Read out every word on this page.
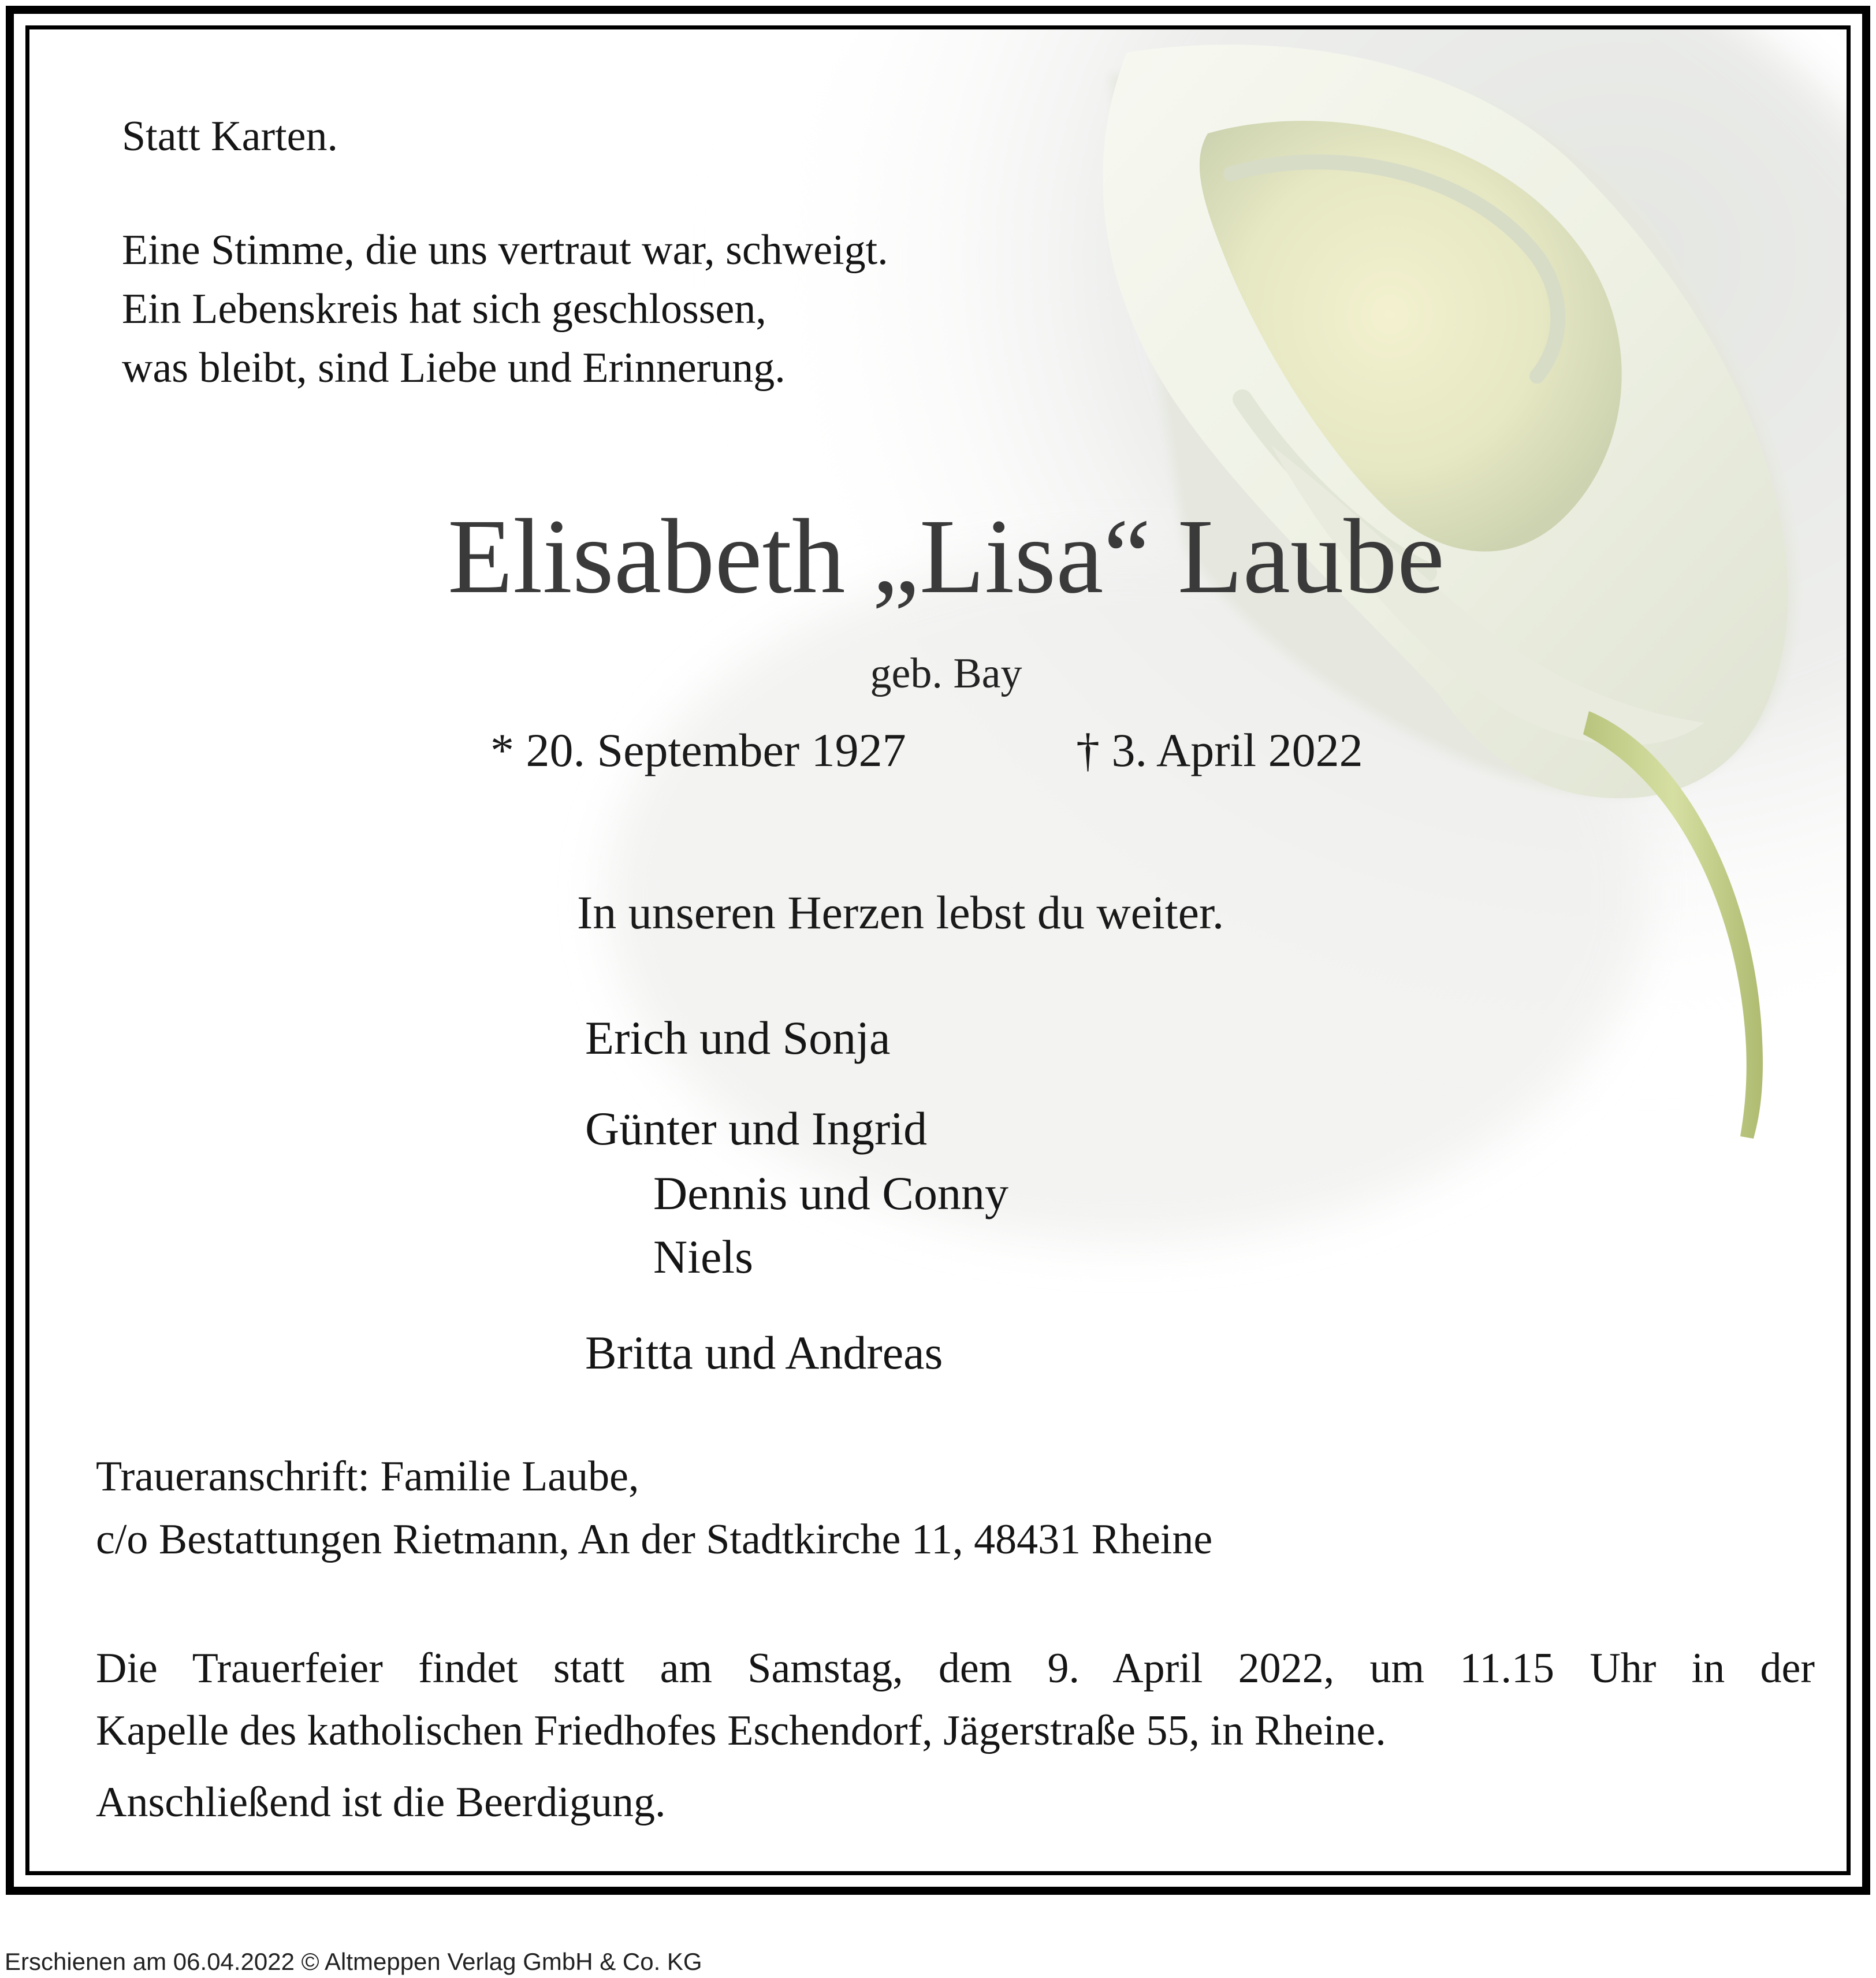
Statt Karten.
Eine Stimme, die uns vertraut war, schweigt.
Ein Lebenskreis hat sich geschlossen,
was bleibt, sind Liebe und Erinnerung.
Elisabeth „Lisa“ Laube
geb. Bay
* 20. September 1927	† 3. April 2022
In unseren Herzen lebst du weiter.
Erich und Sonja
Günter und Ingrid
Dennis und Conny
Niels
Britta und Andreas
Traueranschrift: Familie Laube,
c/o Bestattungen Rietmann, An der Stadtkirche 11, 48431 Rheine
Die Trauerfeier findet statt am Samstag, dem 9. April 2022, um 11.15 Uhr in der
Kapelle des katholischen Friedhofes Eschendorf, Jägerstraße 55, in Rheine.
Anschließend ist die Beerdigung.
Erschienen am 06.04.2022 © Altmeppen Verlag GmbH & Co. KG
